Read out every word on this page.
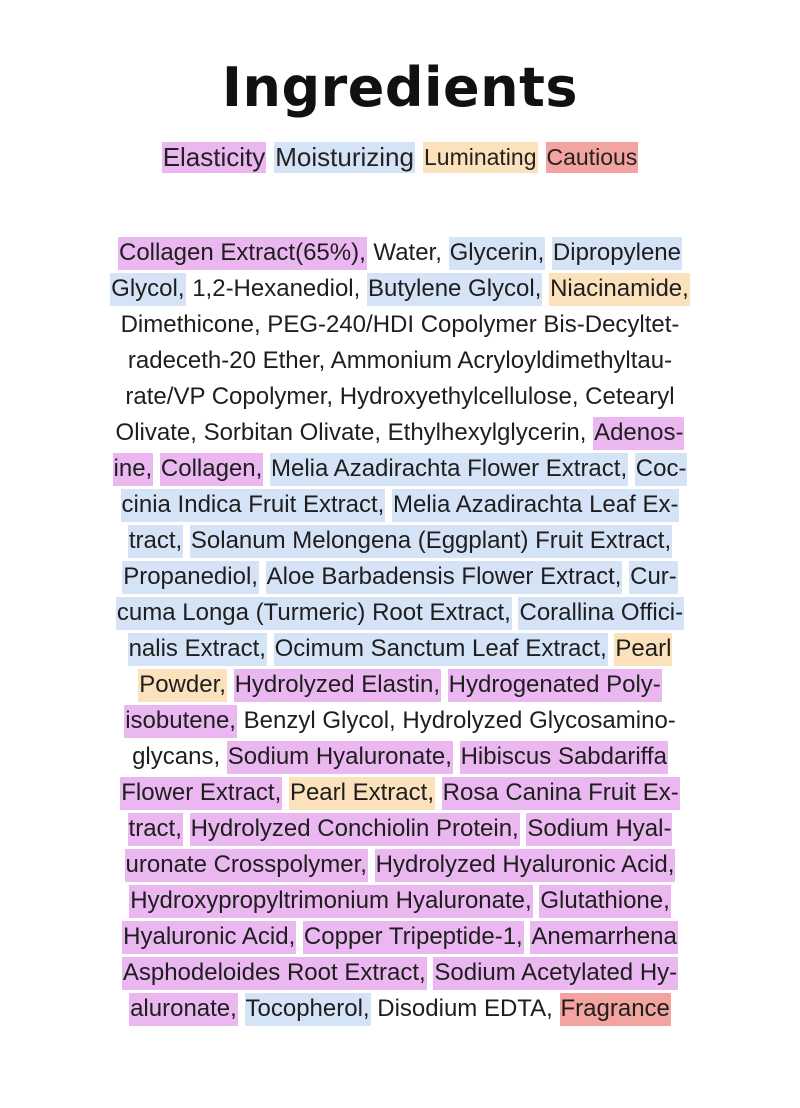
Ingredients
Elasticity Moisturizing Luminating Cautious
Collagen Extract(65%), Water, Glycerin, Dipropylene
Glycol, 1,2-Hexanediol, Butylene Glycol, Niacinamide,
Dimethicone, PEG-240/HDI Copolymer Bis-Decyltet-
radeceth-20 Ether, Ammonium Acryloyldimethyltau-
rate/VP Copolymer, Hydroxyethylcellulose, Cetearyl
Olivate, Sorbitan Olivate, Ethylhexylglycerin, Adenos-
ine, Collagen, Melia Azadirachta Flower Extract, Coc-
cinia Indica Fruit Extract, Melia Azadirachta Leaf Ex-
tract, Solanum Melongena (Eggplant) Fruit Extract,
Propanediol, Aloe Barbadensis Flower Extract, Cur-
cuma Longa (Turmeric) Root Extract, Corallina Offici-
nalis Extract, Ocimum Sanctum Leaf Extract, Pearl
Powder, Hydrolyzed Elastin, Hydrogenated Poly-
isobutene, Benzyl Glycol, Hydrolyzed Glycosamino-
glycans, Sodium Hyaluronate, Hibiscus Sabdariffa
Flower Extract, Pearl Extract, Rosa Canina Fruit Ex-
tract, Hydrolyzed Conchiolin Protein, Sodium Hyal-
uronate Crosspolymer, Hydrolyzed Hyaluronic Acid,
Hydroxypropyltrimonium Hyaluronate, Glutathione,
Hyaluronic Acid, Copper Tripeptide-1, Anemarrhena
Asphodeloides Root Extract, Sodium Acetylated Hy-
aluronate, Tocopherol, Disodium EDTA, Fragrance
